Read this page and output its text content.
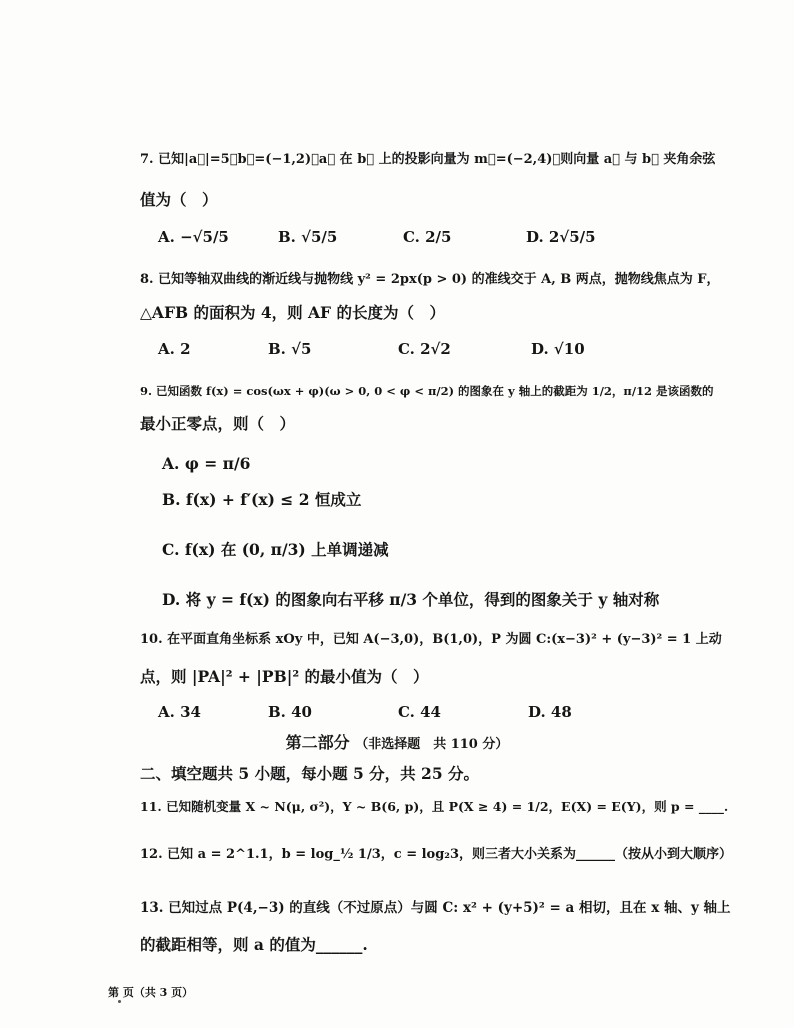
7. 已知|a⃗|=5，b⃗=(−1,2)，a⃗ 在 b⃗ 上的投影向量为 m⃗=(−2,4)，则向量 a⃗ 与 b⃗ 夹角余弦
值为（　）
A. −√5/5	B. √5/5	C. 2/5	D. 2√5/5
8. 已知等轴双曲线的渐近线与抛物线 y² = 2px(p > 0) 的准线交于 A, B 两点，抛物线焦点为 F，
△AFB 的面积为 4，则 AF 的长度为（　）
A. 2	B. √5	C. 2√2	D. √10
9. 已知函数 f(x) = cos(ωx + φ)(ω > 0, 0 < φ < π/2) 的图象在 y 轴上的截距为 1/2，π/12 是该函数的
最小正零点，则（　）
A. φ = π/6
B. f(x) + f′(x) ≤ 2 恒成立
C. f(x) 在 (0, π/3) 上单调递减
D. 将 y = f(x) 的图象向右平移 π/3 个单位，得到的图象关于 y 轴对称
10. 在平面直角坐标系 xOy 中，已知 A(−3,0)，B(1,0)，P 为圆 C:(x−3)² + (y−3)² = 1 上动
点，则 |PA|² + |PB|² 的最小值为（　）
A. 34	B. 40	C. 44	D. 48
第二部分 （非选择题　共 110 分）
二、填空题共 5 小题，每小题 5 分，共 25 分。
11. 已知随机变量 X ~ N(μ, σ²)，Y ~ B(6, p)，且 P(X ≥ 4) = 1/2，E(X) = E(Y)，则 p = ____.
12. 已知 a = 2^1.1，b = log_½ 1/3，c = log₂3，则三者大小关系为______（按从小到大顺序）
13. 已知过点 P(4,−3) 的直线（不过原点）与圆 C: x² + (y+5)² = a 相切，且在 x 轴、y 轴上
的截距相等，则 a 的值为______.
第 页（共 3 页）
